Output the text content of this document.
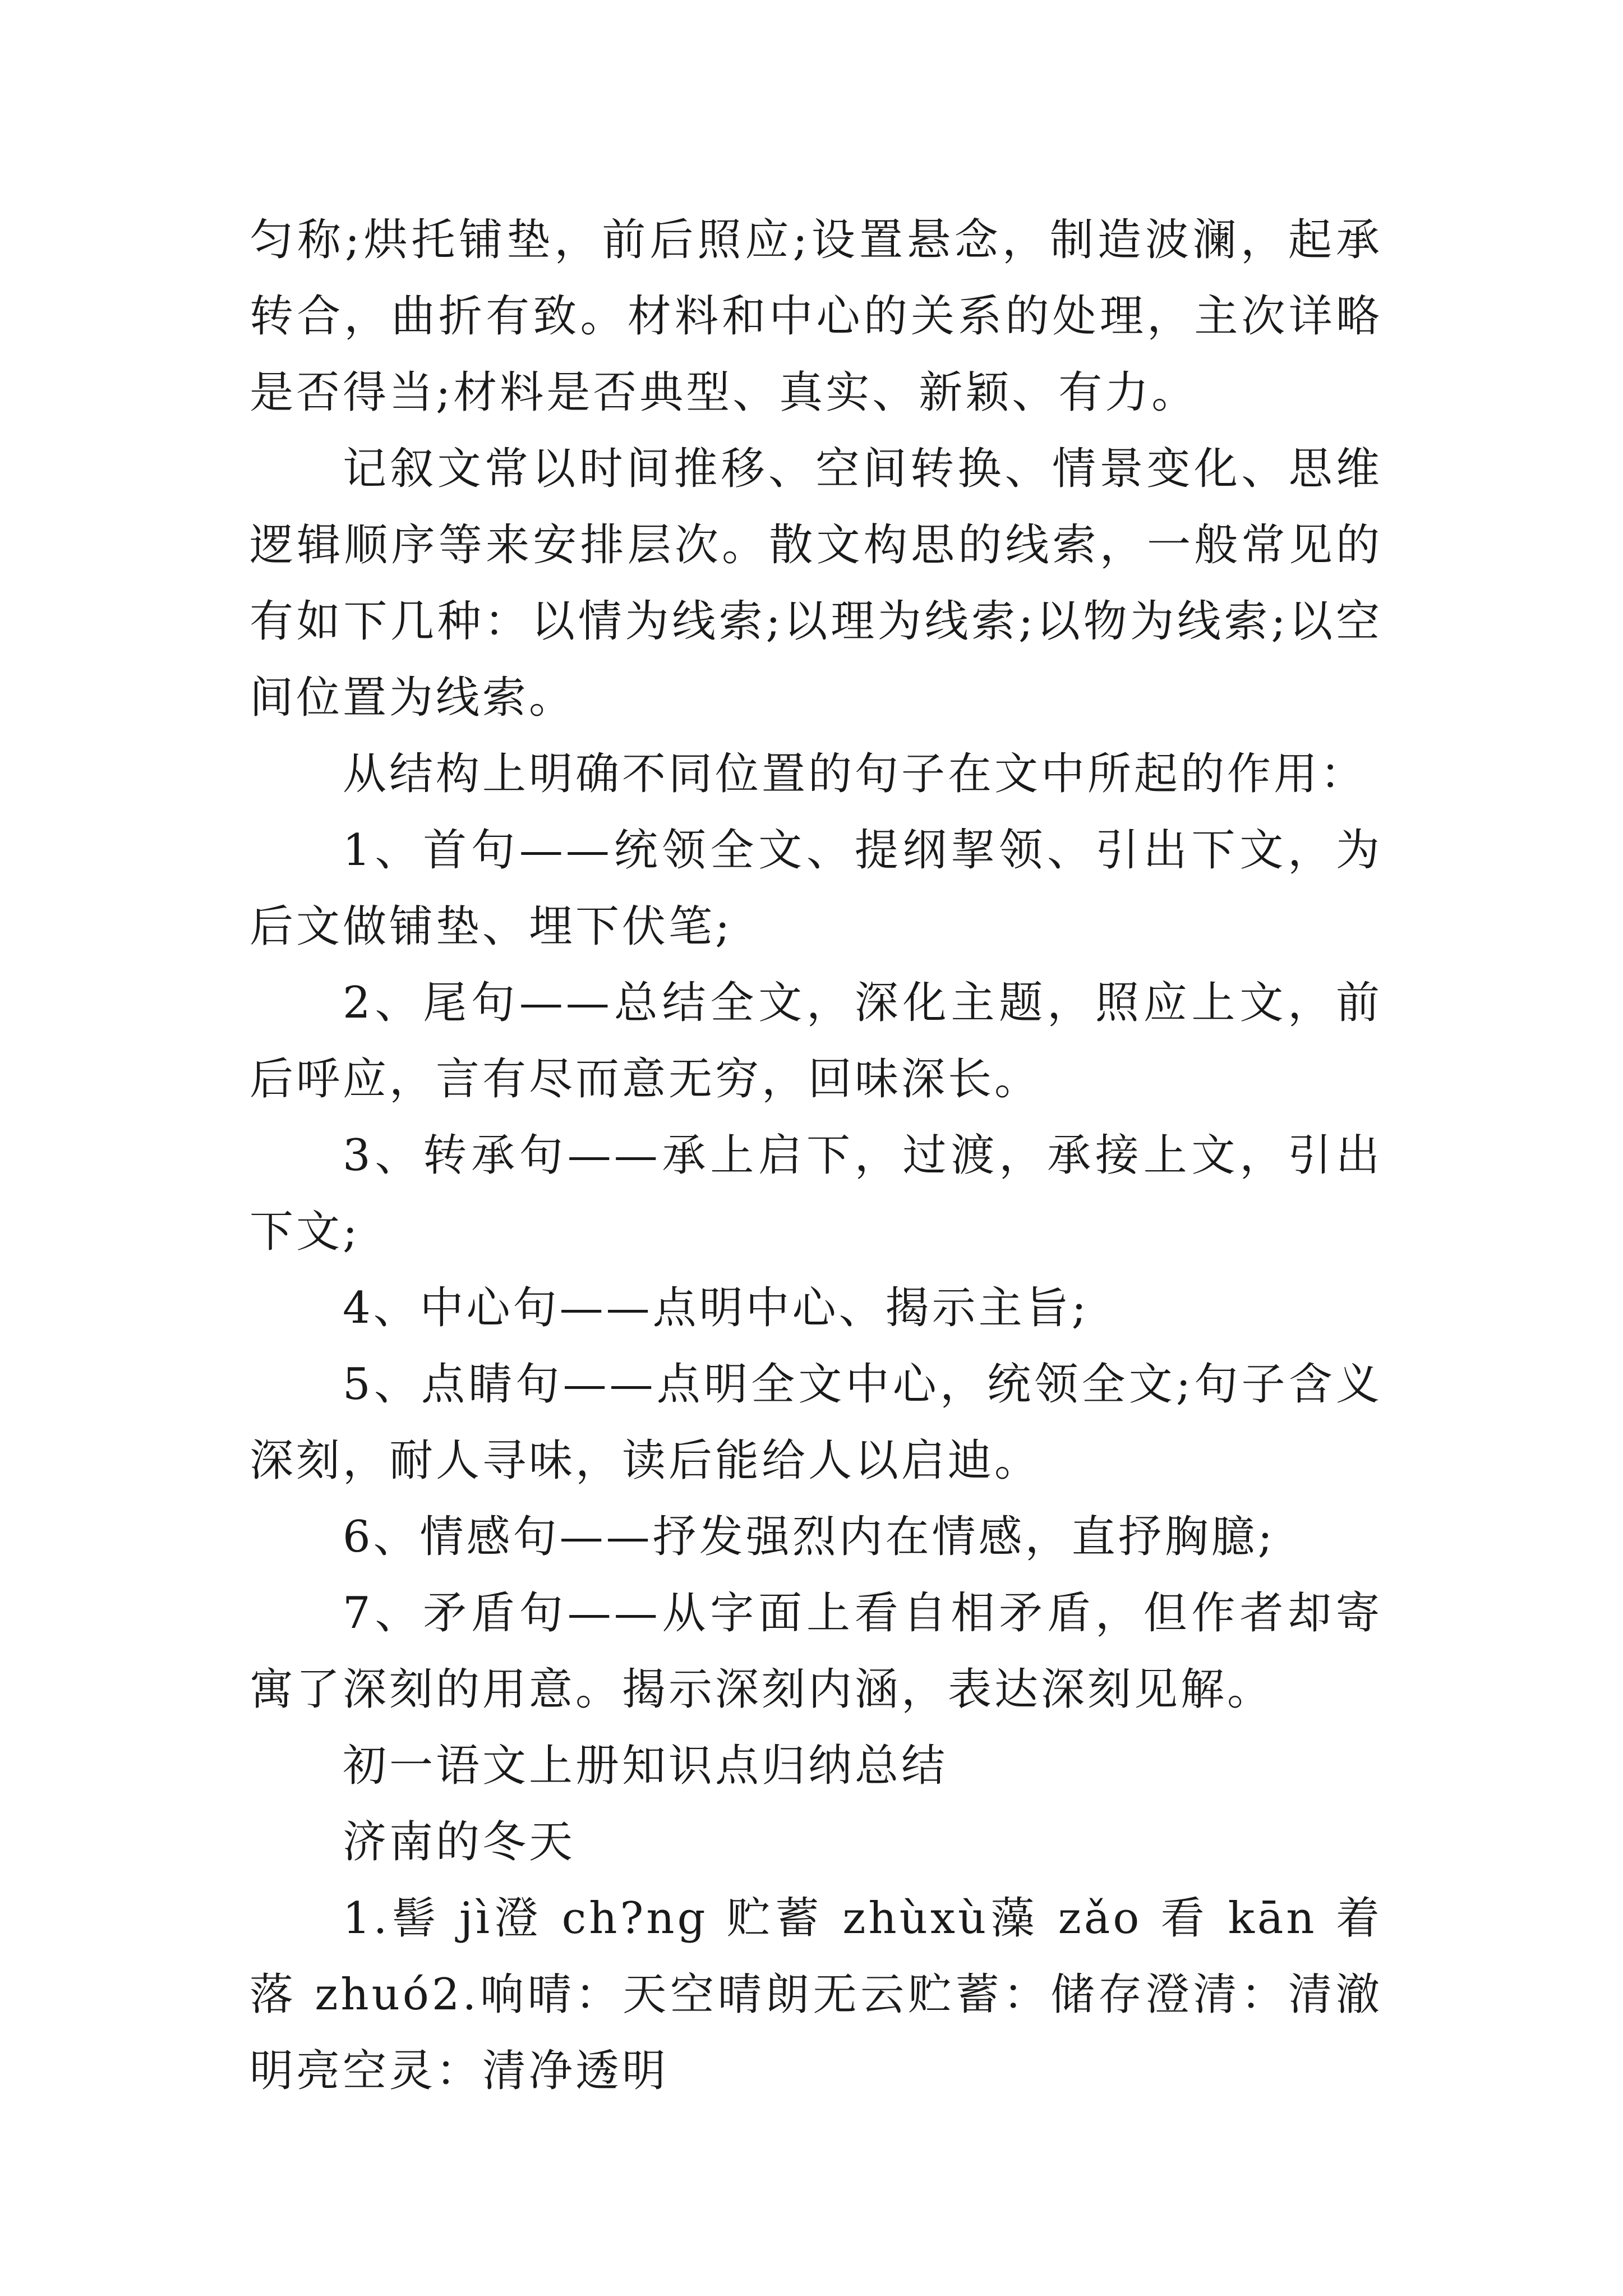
匀称;烘托铺垫，前后照应;设置悬念，制造波澜，起承转合，曲折有致。材料和中心的关系的处理，主次详略是否得当;材料是否典型、真实、新颖、有力。

记叙文常以时间推移、空间转换、情景变化、思维逻辑顺序等来安排层次。散文构思的线索，一般常见的有如下几种：以情为线索;以理为线索;以物为线索;以空间位置为线索。

从结构上明确不同位置的句子在文中所起的作用：

1、首句——统领全文、提纲挈领、引出下文，为后文做铺垫、埋下伏笔;

2、尾句——总结全文，深化主题，照应上文，前后呼应，言有尽而意无穷，回味深长。

3、转承句——承上启下，过渡，承接上文，引出下文;

4、中心句——点明中心、揭示主旨;

5、点睛句——点明全文中心，统领全文;句子含义深刻，耐人寻味，读后能给人以启迪。

6、情感句——抒发强烈内在情感，直抒胸臆;

7、矛盾句——从字面上看自相矛盾，但作者却寄寓了深刻的用意。揭示深刻内涵，表达深刻见解。

初一语文上册知识点归纳总结

济南的冬天

1.髻 jì澄 ch?ng 贮蓄 zhùxù藻 zǎo 看 kān 着落 zhuó2.响晴：天空晴朗无云贮蓄：储存澄清：清澈明亮空灵：清净透明
